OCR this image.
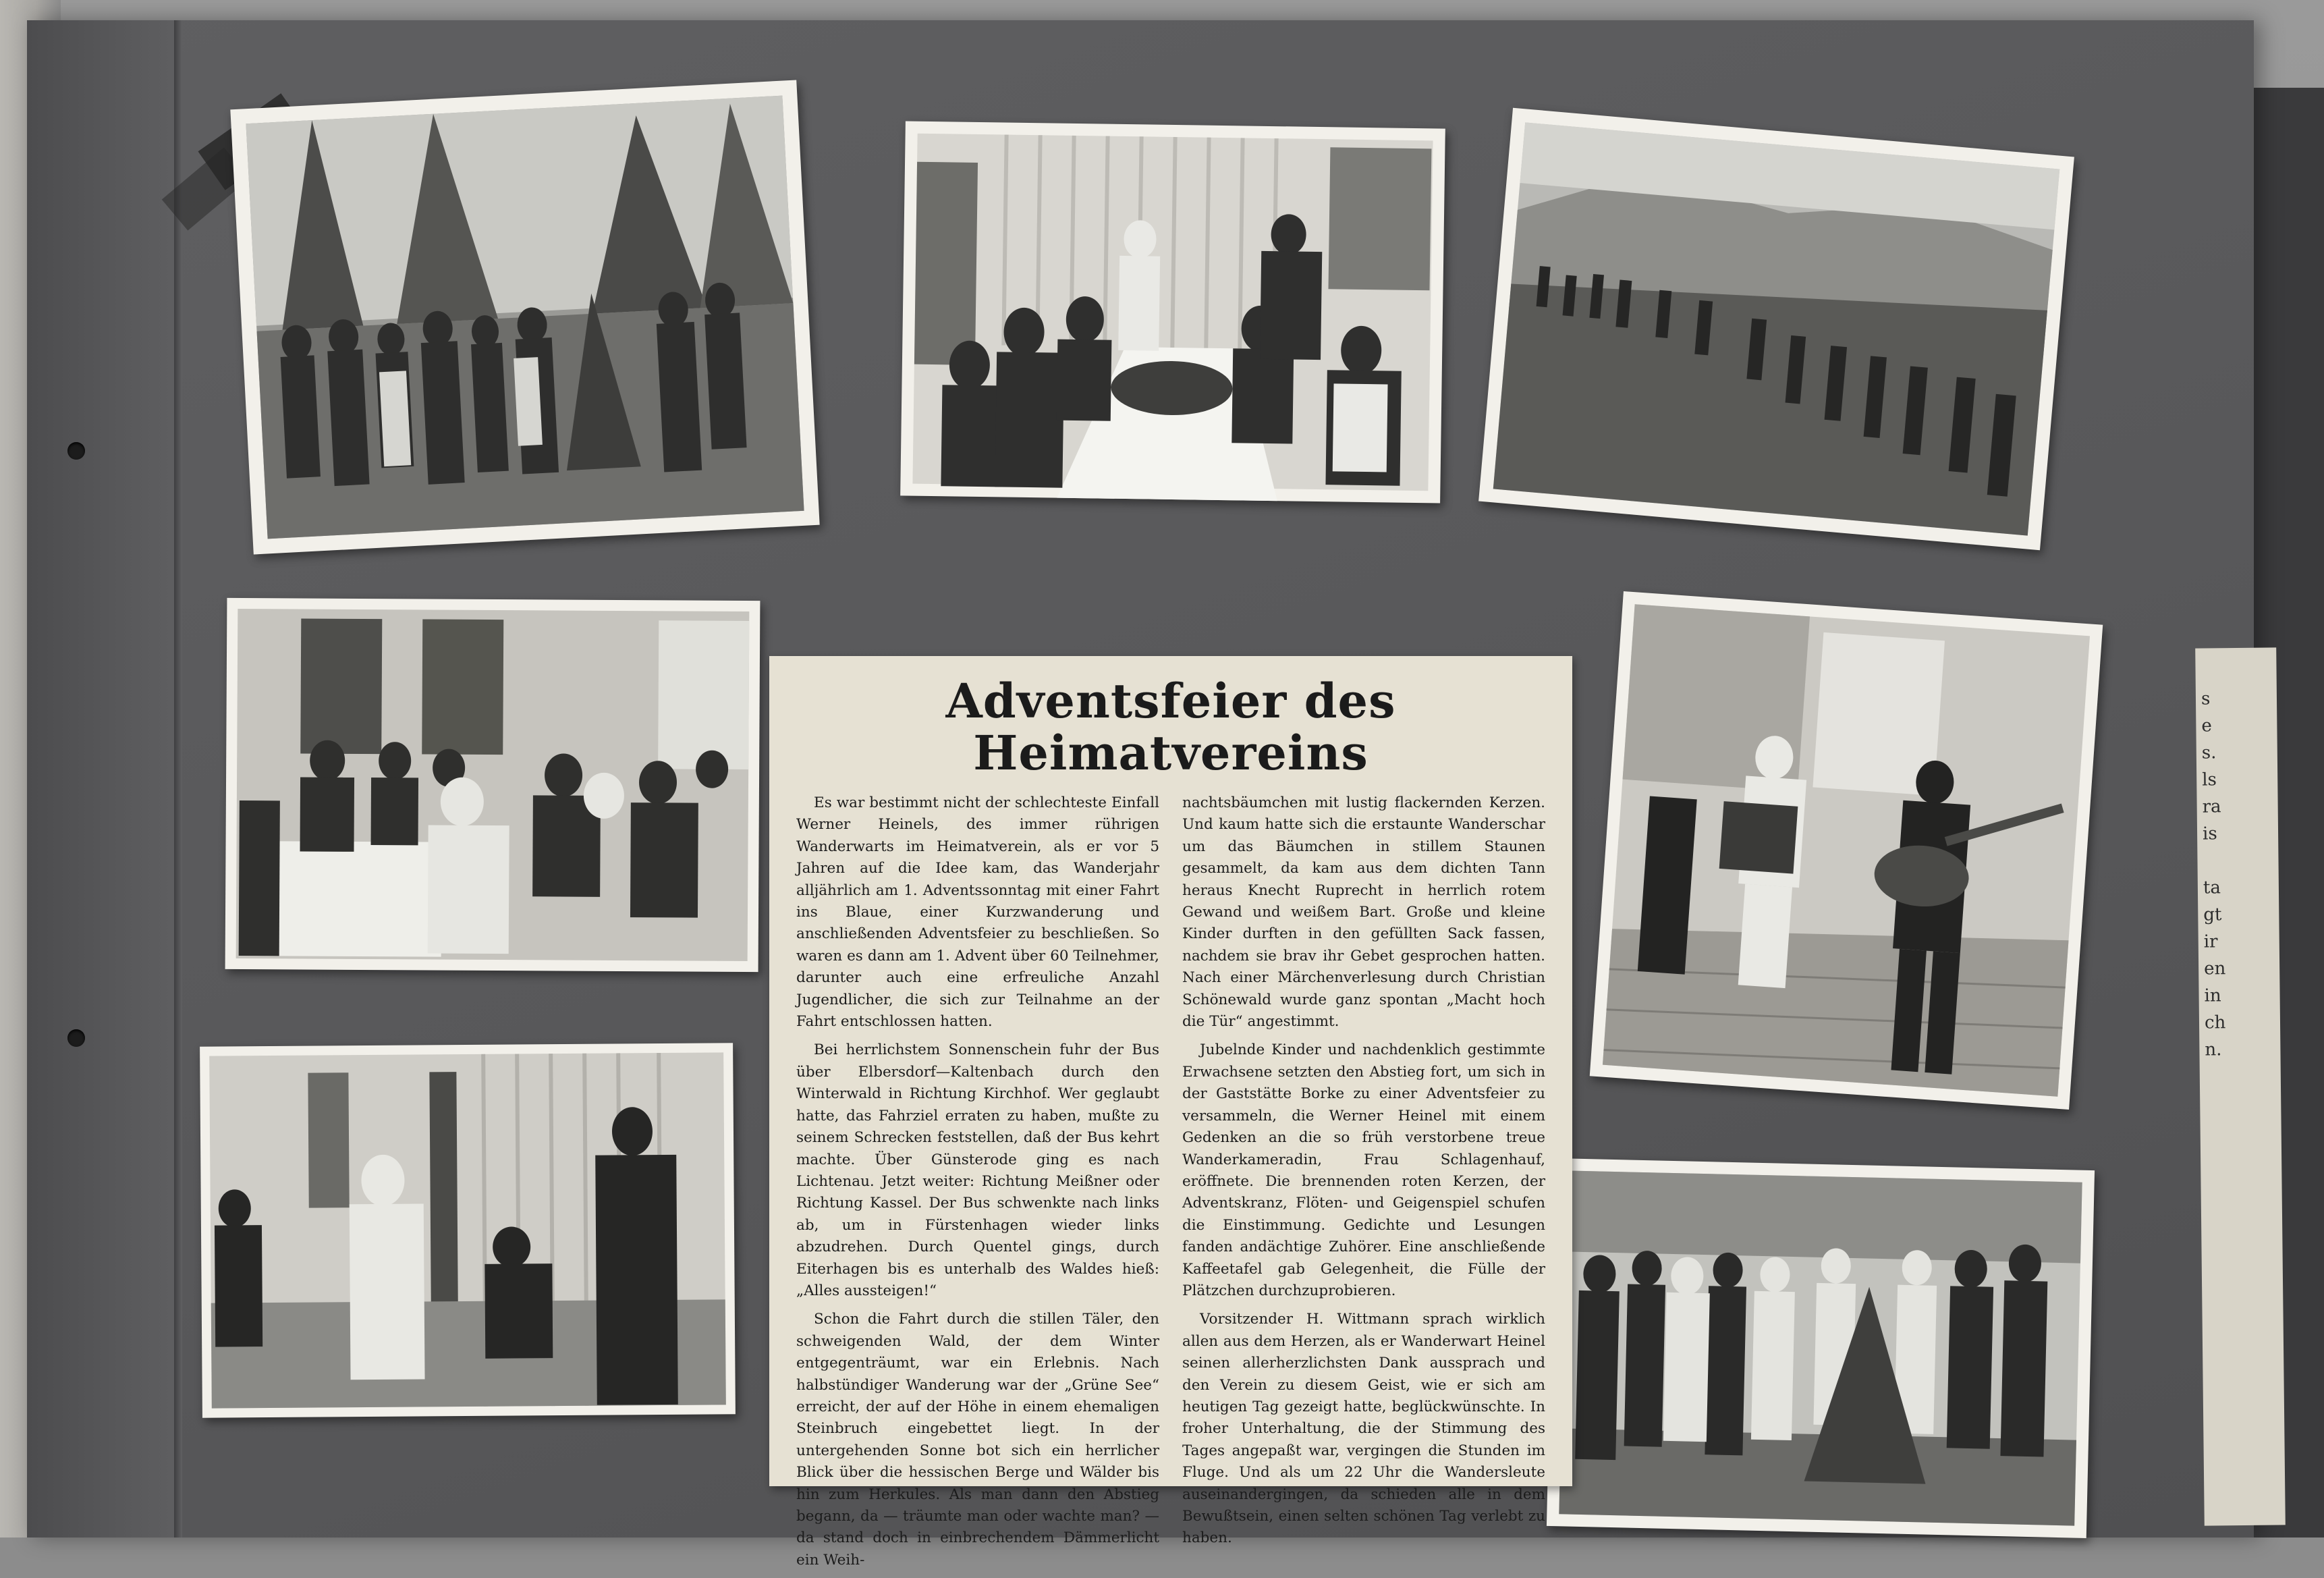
s
e
s.
ls
ra
is
ta
gt
ir
en
in
ch
n.
Adventsfeier des Heimatvereins

Es war bestimmt nicht der schlechteste Einfall Werner Heinels, des immer rührigen Wanderwarts im Heimatverein, als er vor 5 Jahren auf die Idee kam, das Wanderjahr alljährlich am 1. Adventssonntag mit einer Fahrt ins Blaue, einer Kurzwanderung und anschließenden Adventsfeier zu beschließen. So waren es dann am 1. Advent über 60 Teilnehmer, darunter auch eine erfreuliche Anzahl Jugendlicher, die sich zur Teilnahme an der Fahrt entschlossen hatten.

Bei herrlichstem Sonnenschein fuhr der Bus über Elbersdorf—Kaltenbach durch den Winterwald in Richtung Kirchhof. Wer geglaubt hatte, das Fahrziel erraten zu haben, mußte zu seinem Schrecken feststellen, daß der Bus kehrt machte. Über Günsterode ging es nach Lichtenau. Jetzt weiter: Richtung Meißner oder Richtung Kassel. Der Bus schwenkte nach links ab, um in Fürstenhagen wieder links abzudrehen. Durch Quentel gings, durch Eiterhagen bis es unterhalb des Waldes hieß: „Alles aussteigen!“

Schon die Fahrt durch die stillen Täler, den schweigenden Wald, der dem Winter entgegenträumt, war ein Erlebnis. Nach halbstündiger Wanderung war der „Grüne See“ erreicht, der auf der Höhe in einem ehemaligen Steinbruch eingebettet liegt. In der untergehenden Sonne bot sich ein herrlicher Blick über die hessischen Berge und Wälder bis hin zum Herkules. Als man dann den Abstieg begann, da — träumte man oder wachte man? — da stand doch in einbrechendem Dämmerlicht ein Weih-

nachtsbäumchen mit lustig flackernden Kerzen. Und kaum hatte sich die erstaunte Wanderschar um das Bäumchen in stillem Staunen gesammelt, da kam aus dem dichten Tann heraus Knecht Ruprecht in herrlich rotem Gewand und weißem Bart. Große und kleine Kinder durften in den gefüllten Sack fassen, nachdem sie brav ihr Gebet gesprochen hatten. Nach einer Märchenverlesung durch Christian Schönewald wurde ganz spontan „Macht hoch die Tür“ angestimmt.

Jubelnde Kinder und nachdenklich gestimmte Erwachsene setzten den Abstieg fort, um sich in der Gaststätte Borke zu einer Adventsfeier zu versammeln, die Werner Heinel mit einem Gedenken an die so früh verstorbene treue Wanderkameradin, Frau Schlagenhauf, eröffnete. Die brennenden roten Kerzen, der Adventskranz, Flöten- und Geigenspiel schufen die Einstimmung. Gedichte und Lesungen fanden andächtige Zuhörer. Eine anschließende Kaffeetafel gab Gelegenheit, die Fülle der Plätzchen durchzuprobieren.

Vorsitzender H. Wittmann sprach wirklich allen aus dem Herzen, als er Wanderwart Heinel seinen allerherzlichsten Dank aussprach und den Verein zu diesem Geist, wie er sich am heutigen Tag gezeigt hatte, beglückwünschte. In froher Unterhaltung, die der Stimmung des Tages angepaßt war, vergingen die Stunden im Fluge. Und als um 22 Uhr die Wandersleute auseinandergingen, da schieden alle in dem Bewußtsein, einen selten schönen Tag verlebt zu haben.
